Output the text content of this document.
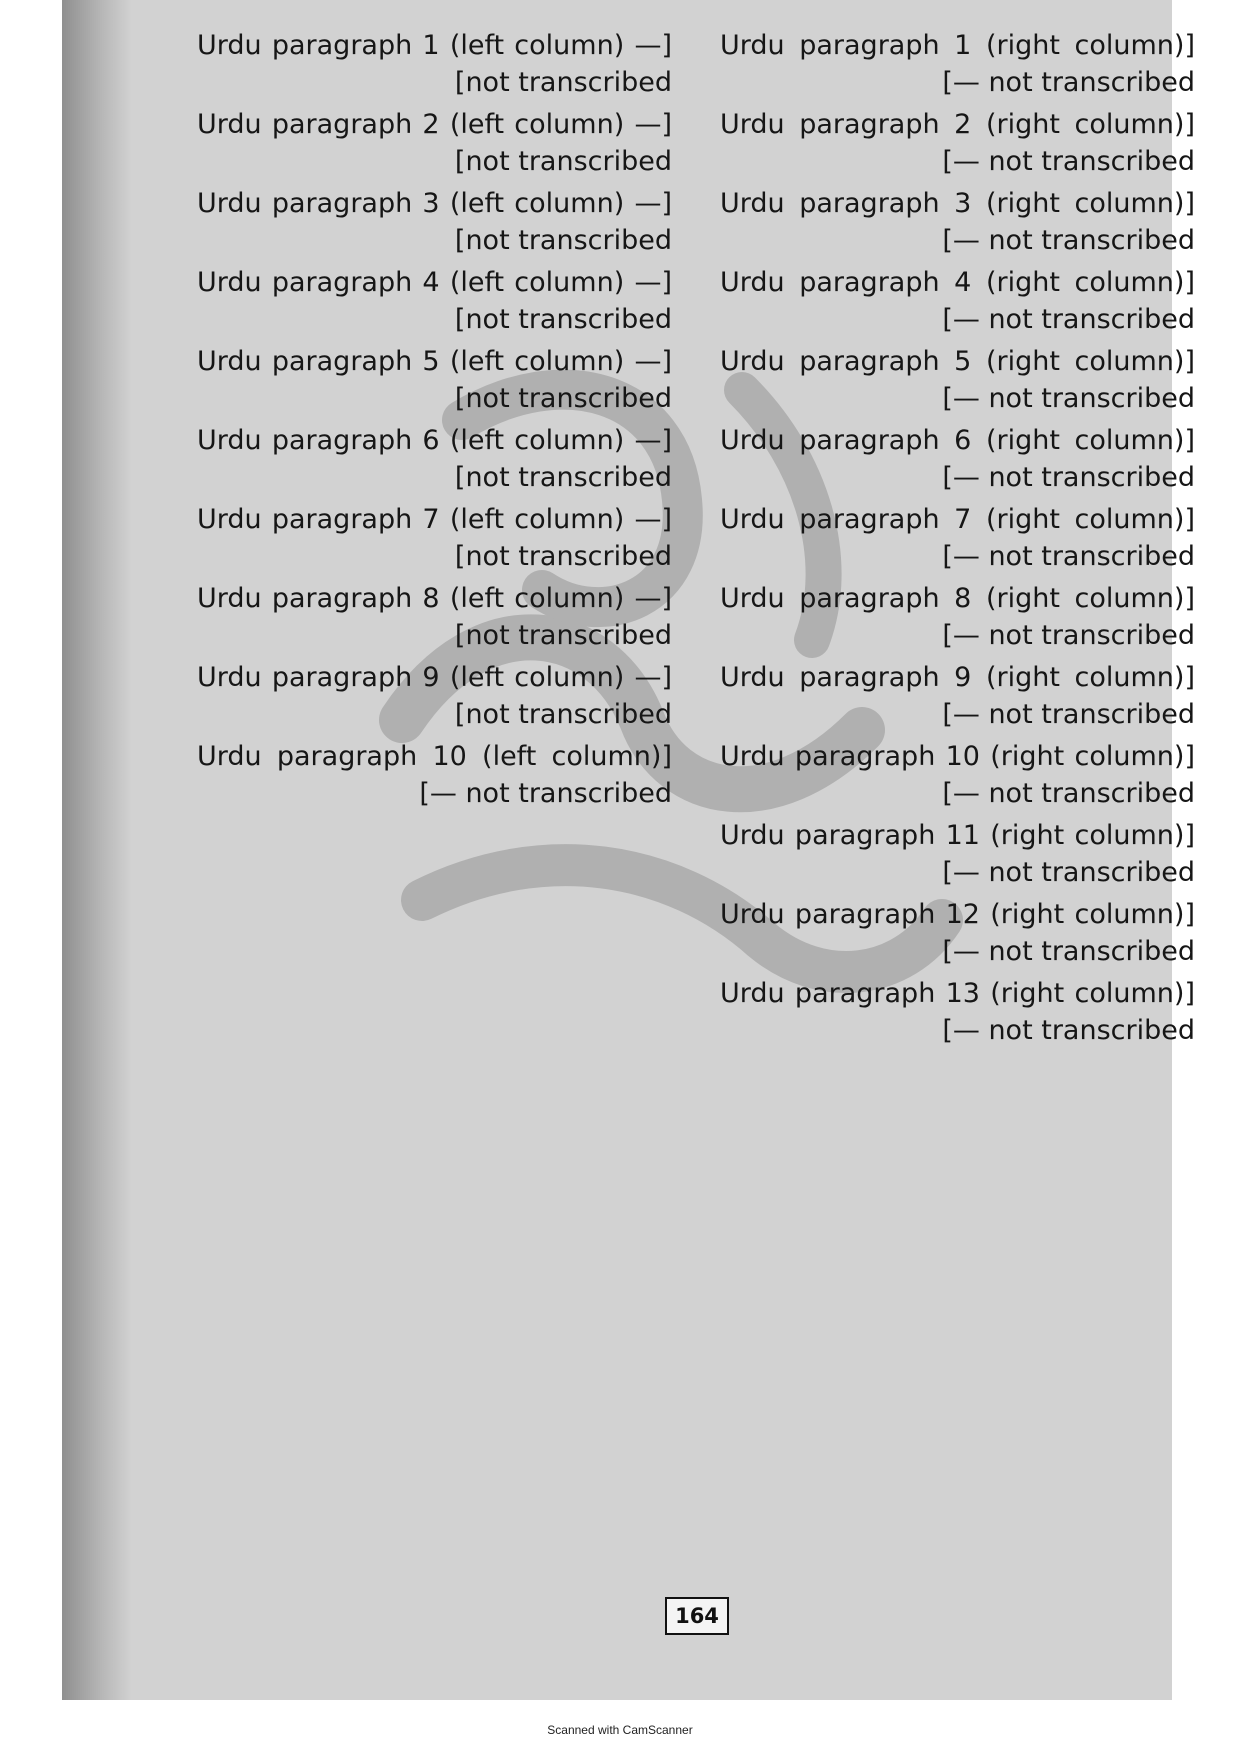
[Urdu paragraph 1 (right column) — not transcribed]

[Urdu paragraph 2 (right column) — not transcribed]

[Urdu paragraph 3 (right column) — not transcribed]

[Urdu paragraph 4 (right column) — not transcribed]

[Urdu paragraph 5 (right column) — not transcribed]

[Urdu paragraph 6 (right column) — not transcribed]

[Urdu paragraph 7 (right column) — not transcribed]

[Urdu paragraph 8 (right column) — not transcribed]

[Urdu paragraph 9 (right column) — not transcribed]

[Urdu paragraph 10 (right column) — not transcribed]

[Urdu paragraph 11 (right column) — not transcribed]

[Urdu paragraph 12 (right column) — not transcribed]

[Urdu paragraph 13 (right column) — not transcribed]

[Urdu paragraph 1 (left column) — not transcribed]

[Urdu paragraph 2 (left column) — not transcribed]

[Urdu paragraph 3 (left column) — not transcribed]

[Urdu paragraph 4 (left column) — not transcribed]

[Urdu paragraph 5 (left column) — not transcribed]

[Urdu paragraph 6 (left column) — not transcribed]

[Urdu paragraph 7 (left column) — not transcribed]

[Urdu paragraph 8 (left column) — not transcribed]

[Urdu paragraph 9 (left column) — not transcribed]

[Urdu paragraph 10 (left column) — not transcribed]

164
Scanned with CamScanner
